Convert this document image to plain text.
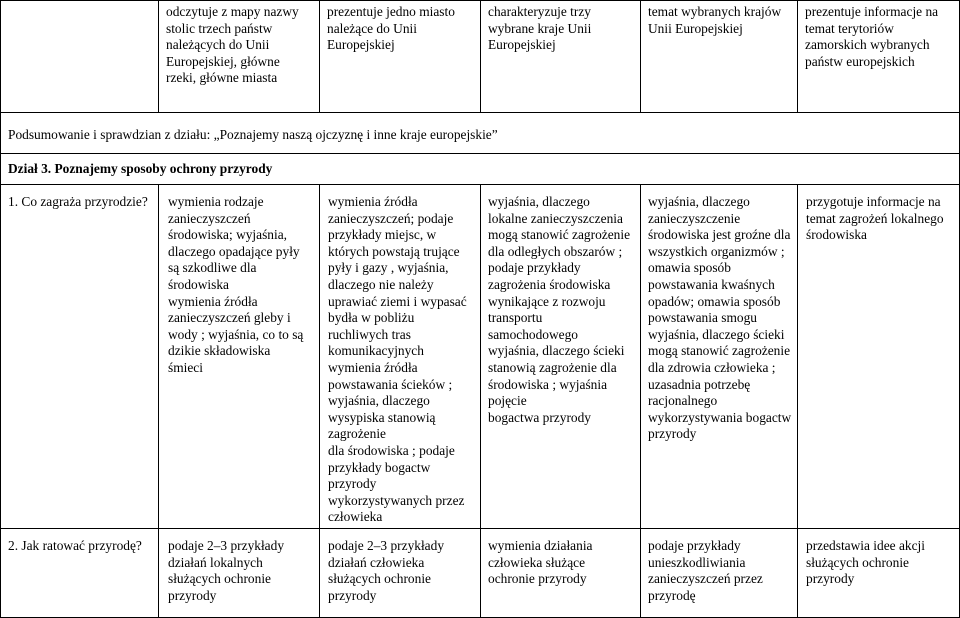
odczytuje z mapy nazwy
stolic trzech państw
należących do Unii
Europejskiej, główne
rzeki, główne miasta
prezentuje jedno miasto
należące do Unii
Europejskiej
charakteryzuje trzy
wybrane kraje Unii
Europejskiej
temat wybranych krajów
Unii Europejskiej
prezentuje informacje na
temat terytoriów
zamorskich wybranych
państw europejskich
Podsumowanie i sprawdzian z działu: „Poznajemy naszą ojczyznę i inne kraje europejskie”
Dział 3. Poznajemy sposoby ochrony przyrody
1. Co zagraża przyrodzie?	wymienia rodzaje
zanieczyszczeń
środowiska; wyjaśnia,
dlaczego opadające pyły
są szkodliwe dla
środowiska
wymienia źródła
zanieczyszczeń gleby i
wody ; wyjaśnia, co to są
dzikie składowiska
śmieci
wymienia źródła
zanieczyszczeń; podaje
przykłady miejsc, w
których powstają trujące
pyły i gazy , wyjaśnia,
dlaczego nie należy
uprawiać ziemi i wypasać
bydła w pobliżu
ruchliwych tras
komunikacyjnych
wymienia źródła
powstawania ścieków ;
wyjaśnia, dlaczego
wysypiska stanowią
zagrożenie
dla środowiska ; podaje
przykłady bogactw
przyrody
wykorzystywanych przez
człowieka
wyjaśnia, dlaczego
lokalne zanieczyszczenia
mogą stanowić zagrożenie
dla odległych obszarów ;
podaje przykłady
zagrożenia środowiska
wynikające z rozwoju
transportu
samochodowego
wyjaśnia, dlaczego ścieki
stanowią zagrożenie dla
środowiska ; wyjaśnia
pojęcie
bogactwa przyrody
wyjaśnia, dlaczego
zanieczyszczenie
środowiska jest groźne dla
wszystkich organizmów ;
omawia sposób
powstawania kwaśnych
opadów; omawia sposób
powstawania smogu
wyjaśnia, dlaczego ścieki
mogą stanowić zagrożenie
dla zdrowia człowieka ;
uzasadnia potrzebę
racjonalnego
wykorzystywania bogactw
przyrody
przygotuje informacje na
temat zagrożeń lokalnego
środowiska
2. Jak ratować przyrodę?	podaje 2–3 przykłady
działań lokalnych
służących ochronie
przyrody
podaje 2–3 przykłady
działań człowieka
służących ochronie
przyrody
wymienia działania
człowieka służące
ochronie przyrody
podaje przykłady
unieszkodliwiania
zanieczyszczeń przez
przyrodę
przedstawia idee akcji
służących ochronie
przyrody
